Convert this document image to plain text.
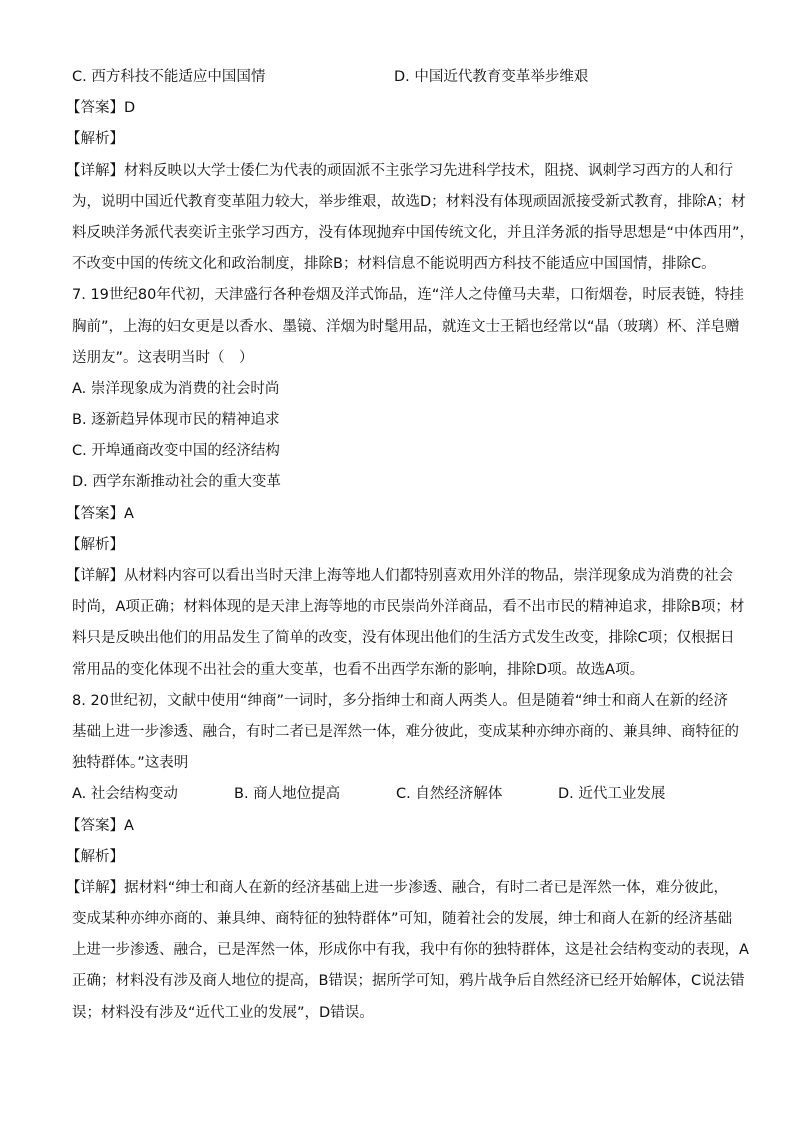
C. 西方科技不能适应中国国情	D. 中国近代教育变革举步维艰
【答案】D
【解析】
【详解】材料反映以大学士倭仁为代表的顽固派不主张学习先进科学技术，阻挠、讽刺学习西方的人和行
为，说明中国近代教育变革阻力较大，举步维艰，故选D；材料没有体现顽固派接受新式教育，排除A；材
料反映洋务派代表奕䜣主张学习西方，没有体现抛弃中国传统文化，并且洋务派的指导思想是“中体西用”，
不改变中国的传统文化和政治制度，排除B；材料信息不能说明西方科技不能适应中国国情，排除C。
7. 19世纪80年代初，天津盛行各种卷烟及洋式饰品，连“洋人之侍僮马夫辈，口衔烟卷，时辰表链，特挂
胸前”，上海的妇女更是以香水、墨镜、洋烟为时髦用品，就连文士王韬也经常以“晶（玻璃）杯、洋皂赠
送朋友”。这表明当时（　）
A. 崇洋现象成为消费的社会时尚
B. 逐新趋异体现市民的精神追求
C. 开埠通商改变中国的经济结构
D. 西学东渐推动社会的重大变革
【答案】A
【解析】
【详解】从材料内容可以看出当时天津上海等地人们都特别喜欢用外洋的物品，崇洋现象成为消费的社会
时尚，A项正确；材料体现的是天津上海等地的市民崇尚外洋商品，看不出市民的精神追求，排除B项；材
料只是反映出他们的用品发生了简单的改变，没有体现出他们的生活方式发生改变，排除C项；仅根据日
常用品的变化体现不出社会的重大变革，也看不出西学东渐的影响，排除D项。故选A项。
8. 20世纪初，文献中使用“绅商”一词时，多分指绅士和商人两类人。但是随着“绅士和商人在新的经济
基础上进一步渗透、融合，有时二者已是浑然一体，难分彼此，变成某种亦绅亦商的、兼具绅、商特征的
独特群体。”这表明
A. 社会结构变动	B. 商人地位提高	C. 自然经济解体	D. 近代工业发展
【答案】A
【解析】
【详解】据材料“绅士和商人在新的经济基础上进一步渗透、融合，有时二者已是浑然一体，难分彼此，
变成某种亦绅亦商的、兼具绅、商特征的独特群体”可知，随着社会的发展，绅士和商人在新的经济基础
上进一步渗透、融合，已是浑然一体，形成你中有我，我中有你的独特群体，这是社会结构变动的表现，A
正确；材料没有涉及商人地位的提高，B错误；据所学可知，鸦片战争后自然经济已经开始解体，C说法错
误；材料没有涉及“近代工业的发展”，D错误。
